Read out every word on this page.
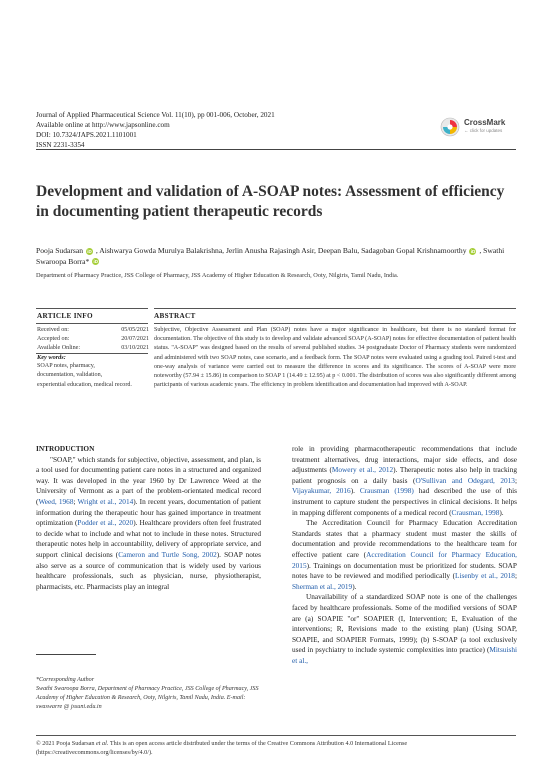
Journal of Applied Pharmaceutical Science Vol. 11(10), pp 001-006, October, 2021
Available online at http://www.japsonline.com
DOI: 10.7324/JAPS.2021.1101001
ISSN 2231-3354
CrossMark
← click for updates
Development and validation of A-SOAP notes: Assessment of efficiency in documenting patient therapeutic records
Pooja Sudarsan iD , Aishwarya Gowda Murulya Balakrishna, Jerlin Anusha Rajasingh Asir, Deepan Balu, Sadagoban Gopal Krishnamoorthy iD , Swathi Swaroopa Borra* iD
Department of Pharmacy Practice, JSS College of Pharmacy, JSS Academy of Higher Education & Research, Ooty, Nilgiris, Tamil Nadu, India.
ARTICLE INFO	ABSTRACT
Received on:	05/05/2021
Accepted on:	20/07/2021
Available Online:	03/10/2021
Key words:
SOAP notes, pharmacy, documentation, validation, experiential education, medical record.
Subjective, Objective Assessment and Plan (SOAP) notes have a major significance in healthcare, but there is no standard format for documentation. The objective of this study is to develop and validate advanced SOAP (A-SOAP) notes for effective documentation of patient health status. "A-SOAP" was designed based on the results of several published studies. 34 postgraduate Doctor of Pharmacy students were randomized and administered with two SOAP notes, case scenario, and a feedback form. The SOAP notes were evaluated using a grading tool. Paired t-test and one-way analysis of variance were carried out to measure the difference in scores and its significance. The scores of A-SOAP were more noteworthy (57.94 ± 15.86) in comparison to SOAP 1 (14.49 ± 12.95) at p < 0.001. The distribution of scores was also significantly different among participants of various academic years. The efficiency in problem identification and documentation had improved with A-SOAP.

INTRODUCTION

"SOAP," which stands for subjective, objective, assessment, and plan, is a tool used for documenting patient care notes in a structured and organized way. It was developed in the year 1960 by Dr Lawrence Weed at the University of Vermont as a part of the problem-orientated medical record (Weed, 1968; Wright et al., 2014). In recent years, documentation of patient information during the therapeutic hour has gained importance in treatment optimization (Podder et al., 2020). Healthcare providers often feel frustrated to decide what to include and what not to include in these notes. Structured therapeutic notes help in accountability, delivery of appropriate service, and support clinical decisions (Cameron and Turtle Song, 2002). SOAP notes also serve as a source of communication that is widely used by various healthcare professionals, such as physician, nurse, physiotherapist, pharmacists, etc. Pharmacists play an integral

role in providing pharmacotherapeutic recommendations that include treatment alternatives, drug interactions, major side effects, and dose adjustments (Mowery et al., 2012). Therapeutic notes also help in tracking patient prognosis on a daily basis (O'Sullivan and Odegard, 2013; Vijayakumar, 2016). Crausman (1998) had described the use of this instrument to capture student the perspectives in clinical decisions. It helps in mapping different components of a medical record (Crausman, 1998).

The Accreditation Council for Pharmacy Education Accreditation Standards states that a pharmacy student must master the skills of documentation and provide recommendations to the healthcare team for effective patient care (Accreditation Council for Pharmacy Education, 2015). Trainings on documentation must be prioritized for students. SOAP notes have to be reviewed and modified periodically (Lisenby et al., 2018; Sherman et al., 2019).

Unavailability of a standardized SOAP note is one of the challenges faced by healthcare professionals. Some of the modified versions of SOAP are (a) SOAPIE "or" SOAPIER (I, Intervention; E, Evaluation of the interventions; R, Revisions made to the existing plan) (Using SOAP, SOAPIE, and SOAPIER Formats, 1999); (b) S-SOAP (a tool exclusively used in psychiatry to include systemic complexities into practice) (Mitsuishi et al.,

*Corresponding Author
Swathi Swaroopa Borra, Department of Pharmacy Practice, JSS College of Pharmacy, JSS Academy of Higher Education & Research, Ooty, Nilgiris, Tamil Nadu, India. E-mail: swaswarre @ jssuni.edu.in
© 2021 Pooja Sudarsan et al. This is an open access article distributed under the terms of the Creative Commons Attribution 4.0 International License (https://creativecommons.org/licenses/by/4.0/).
